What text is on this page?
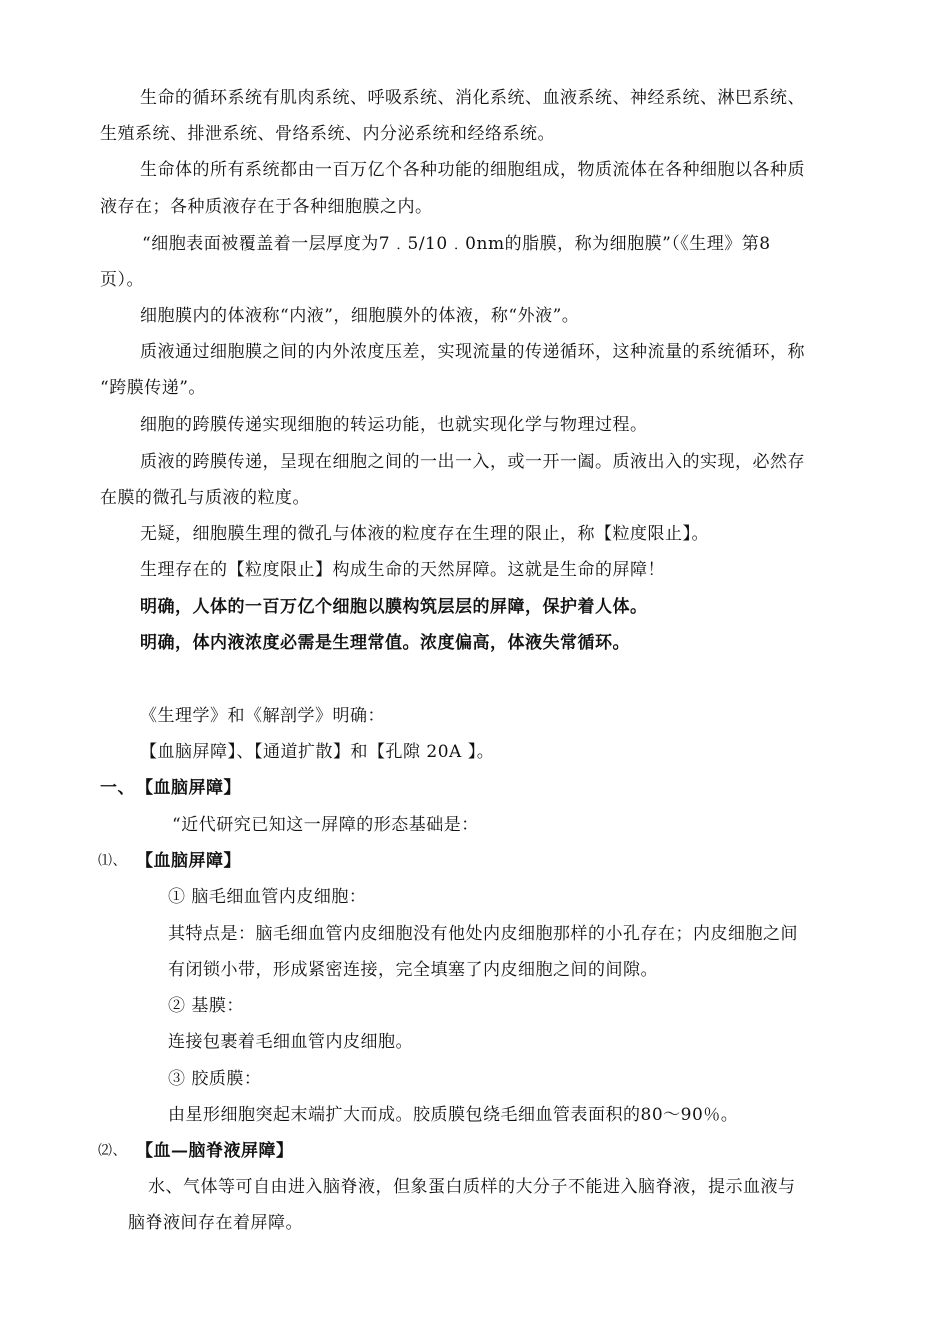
生命的循环系统有肌肉系统、呼吸系统、消化系统、血液系统、神经系统、淋巴系统、
生殖系统、排泄系统、骨络系统、内分泌系统和经络系统。
生命体的所有系统都由一百万亿个各种功能的细胞组成，物质流体在各种细胞以各种质
液存在；各种质液存在于各种细胞膜之内。
“细胞表面被覆盖着一层厚度为7﹒5/10﹒0nm的脂膜，称为细胞膜”（《生理》第8
页）。
细胞膜内的体液称“内液”，细胞膜外的体液，称“外液”。
质液通过细胞膜之间的内外浓度压差，实现流量的传递循环，这种流量的系统循环，称
“跨膜传递”。
细胞的跨膜传递实现细胞的转运功能，也就实现化学与物理过程。
质液的跨膜传递，呈现在细胞之间的一出一入，或一开一阖。质液出入的实现，必然存
在膜的微孔与质液的粒度。
无疑，细胞膜生理的微孔与体液的粒度存在生理的限止，称【粒度限止】。
生理存在的【粒度限止】构成生命的天然屏障。这就是生命的屏障！
明确，人体的一百万亿个细胞以膜构筑层层的屏障，保护着人体。
明确，体内液浓度必需是生理常值。浓度偏高，体液失常循环。
《生理学》和《解剖学》明确：
【血脑屏障】、【通道扩散】和【孔隙 20A 】。
一、 【血脑屏障】
“近代研究已知这一屏障的形态基础是：
⑴、 【血脑屏障】
① 脑毛细血管内皮细胞：
其特点是：脑毛细血管内皮细胞没有他处内皮细胞那样的小孔存在；内皮细胞之间
有闭锁小带，形成紧密连接，完全填塞了内皮细胞之间的间隙。
② 基膜：
连接包裹着毛细血管内皮细胞。
③ 胶质膜：
由星形细胞突起末端扩大而成。胶质膜包绕毛细血管表面积的80～90％。
⑵、 【血—脑脊液屏障】
水、气体等可自由进入脑脊液，但象蛋白质样的大分子不能进入脑脊液，提示血液与
脑脊液间存在着屏障。
